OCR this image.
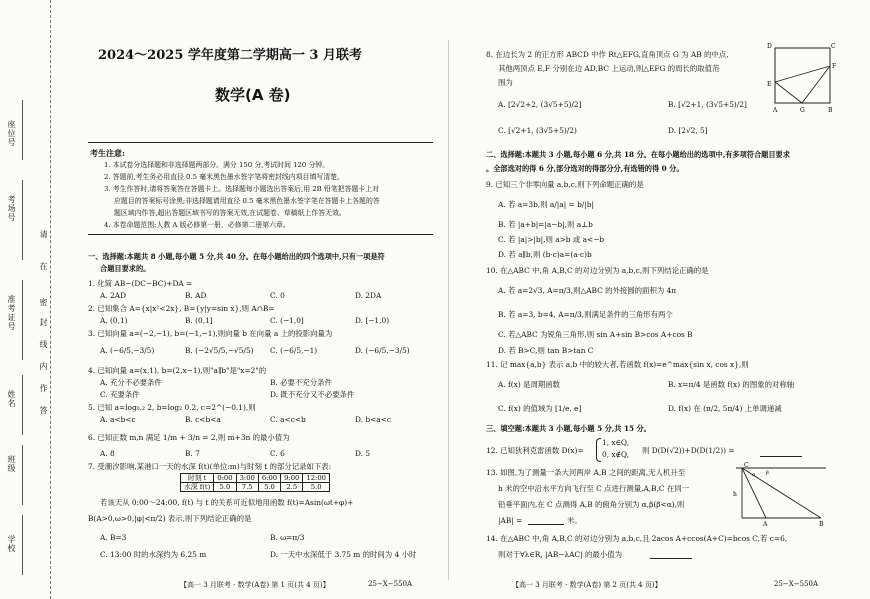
座位号
考场号
准考证号
姓名
班级
学校
请
在
密
封
线
内
作
答
2024～2025 学年度第二学期高一 3 月联考
数学(A 卷)
考生注意:
1. 本试卷分选择题和非选择题两部分。满分 150 分,考试时间 120 分钟。
2. 答题前,考生务必用直径 0.5 毫米黑色墨水签字笔将密封线内项目填写清楚。
3. 考生作答时,请将答案答在答题卡上。选择题每小题选出答案后,用 2B 铅笔把答题卡上对
应题目的答案标号涂黑;非选择题请用直径 0.5 毫米黑色墨水签字笔在答题卡上各题的答
题区域内作答,超出答题区域书写的答案无效,在试题卷、草稿纸上作答无效。
4. 本卷命题范围:人教 A 版必修第一册、必修第二册第六章。
一、选择题:本题共 8 小题,每小题 5 分,共 40 分。在每小题给出的四个选项中,只有一项是符
合题目要求的。
1. 化简 AB−(DC−BC)+DA =
A. 2AD	B. AD	C. 0	D. 2DA
2. 已知集合 A={x|x²<2x}, B={y|y=sin x},则 A∩B=
A. (0,1)	B. (0,1]	C. (−1,0]	D. [−1,0)
3. 已知向量 a=(−2,−1), b=(−1,−1),则向量 b 在向量 a 上的投影向量为
A. (−6/5,−3/5)	B. (−2√5/5,−√5/5) C. (−6/5,−1)	D. (−6/5,−3/5)
4. 已知向量 a=(x,1), b=(2,x−1),则"a∥b"是"x=2"的
A. 充分不必要条件	B. 必要不充分条件
C. 充要条件	D. 既不充分又不必要条件
5. 已知 a=log₀.₂ 2, b=log₂ 0.2, c=2^(−0.1),则
A. a<b<c	B. c<b<a	C. a<c<b	D. b<a<c
6. 已知正数 m,n 满足 1/m + 3/n = 2,则 m+3n 的最小值为
A. 8	B. 7	C. 6	D. 5
7. 受潮汐影响,某港口一天的水深 f(t)(单位:m)与时刻 t 的部分记录如下表:
时刻 t	0:00	3:00	6:00	9:00	12:00
水深 f(t)	5.0	7.5	5.0	2.5	5.0
若该天从 0:00～24:00, f(t) 与 t 的关系可近似地用函数 f(t)=Asin(ωt+φ)+
B(A>0,ω>0,|φ|<π/2) 表示,则下列结论正确的是
A. B=3	B. ω=π/3
C. 13:00 时的水深约为 6.25 m	D. 一天中水深低于 3.75 m 的时间为 4 小时
【高一 3 月联考 · 数学(A卷) 第 1 页(共 4 页)】	25−X−550A
8. 在边长为 2 的正方形 ABCD 中作 Rt△EFG,直角顶点 G 为 AB 的中点,
其他两顶点 E,F 分别在边 AD,BC 上运动,则△EFG 的周长的取值范
围为
A. [2√2+2, (3√5+5)/2]	B. [√2+1, (3√5+5)/2]
C. [√2+1, (3√5+5)/2)	D. [2√2, 5]
D	C
F
E
A	G	B
二、选择题:本题共 3 小题,每小题 6 分,共 18 分。在每小题给出的选项中,有多项符合题目要求
。全部选对的得 6 分,部分选对的得部分分,有选错的得 0 分。
9. 已知三个非零向量 a,b,c,则下列命题正确的是
A. 若 a=3b,则 a/|a| = b/|b|
B. 若 |a+b|=|a−b|,则 a⊥b
C. 若 |a|>|b|,则 a>b 或 a<−b
D. 若 a∥b,则 (b·c)a=(a·c)b
10. 在△ABC 中,角 A,B,C 的对边分别为 a,b,c,则下列结论正确的是
A. 若 a=2√3, A=π/3,则△ABC 的外接圆的面积为 4π
B. 若 a=3, b=4, A=π/3,则满足条件的三角形有两个
C. 若△ABC 为锐角三角形,则 sin A+sin B>cos A+cos B
D. 若 B>C,则 tan B>tan C
11. 记 max{a,b} 表示 a,b 中的较大者,若函数 f(x)=e^max{sin x, cos x},则
A. f(x) 是周期函数	B. x=π/4 是函数 f(x) 的图象的对称轴
C. f(x) 的值域为 [1/e, e]	D. f(x) 在 (π/2, 5π/4) 上单调递减
三、填空题:本题共 3 小题,每小题 5 分,共 15 分。
12. 已知狄利克雷函数 D(x)=
1, x∈Q,
0, x∉Q, 则 D(D(√2))+D(D(1/2)) =
13. 如图,为了测量一条大河两岸 A,B 之间的距离,无人机升至
h 米的空中沿水平方向飞行至 C 点进行测量,A,B,C 在同一
铅垂平面内,在 C 点测得 A,B 的俯角分别为 α,β(β<α),则
|AB| =	米。
C
h
A	B
α β
14. 在△ABC 中,角 A,B,C 的对边分别为 a,b,c,且 2acos A+ccos(A+C)=bcos C,若 c=6,
则对于∀λ∈R, |AB−λAC| 的最小值为
【高一 3 月联考 · 数学(A卷) 第 2 页(共 4 页)】	25−X−550A
